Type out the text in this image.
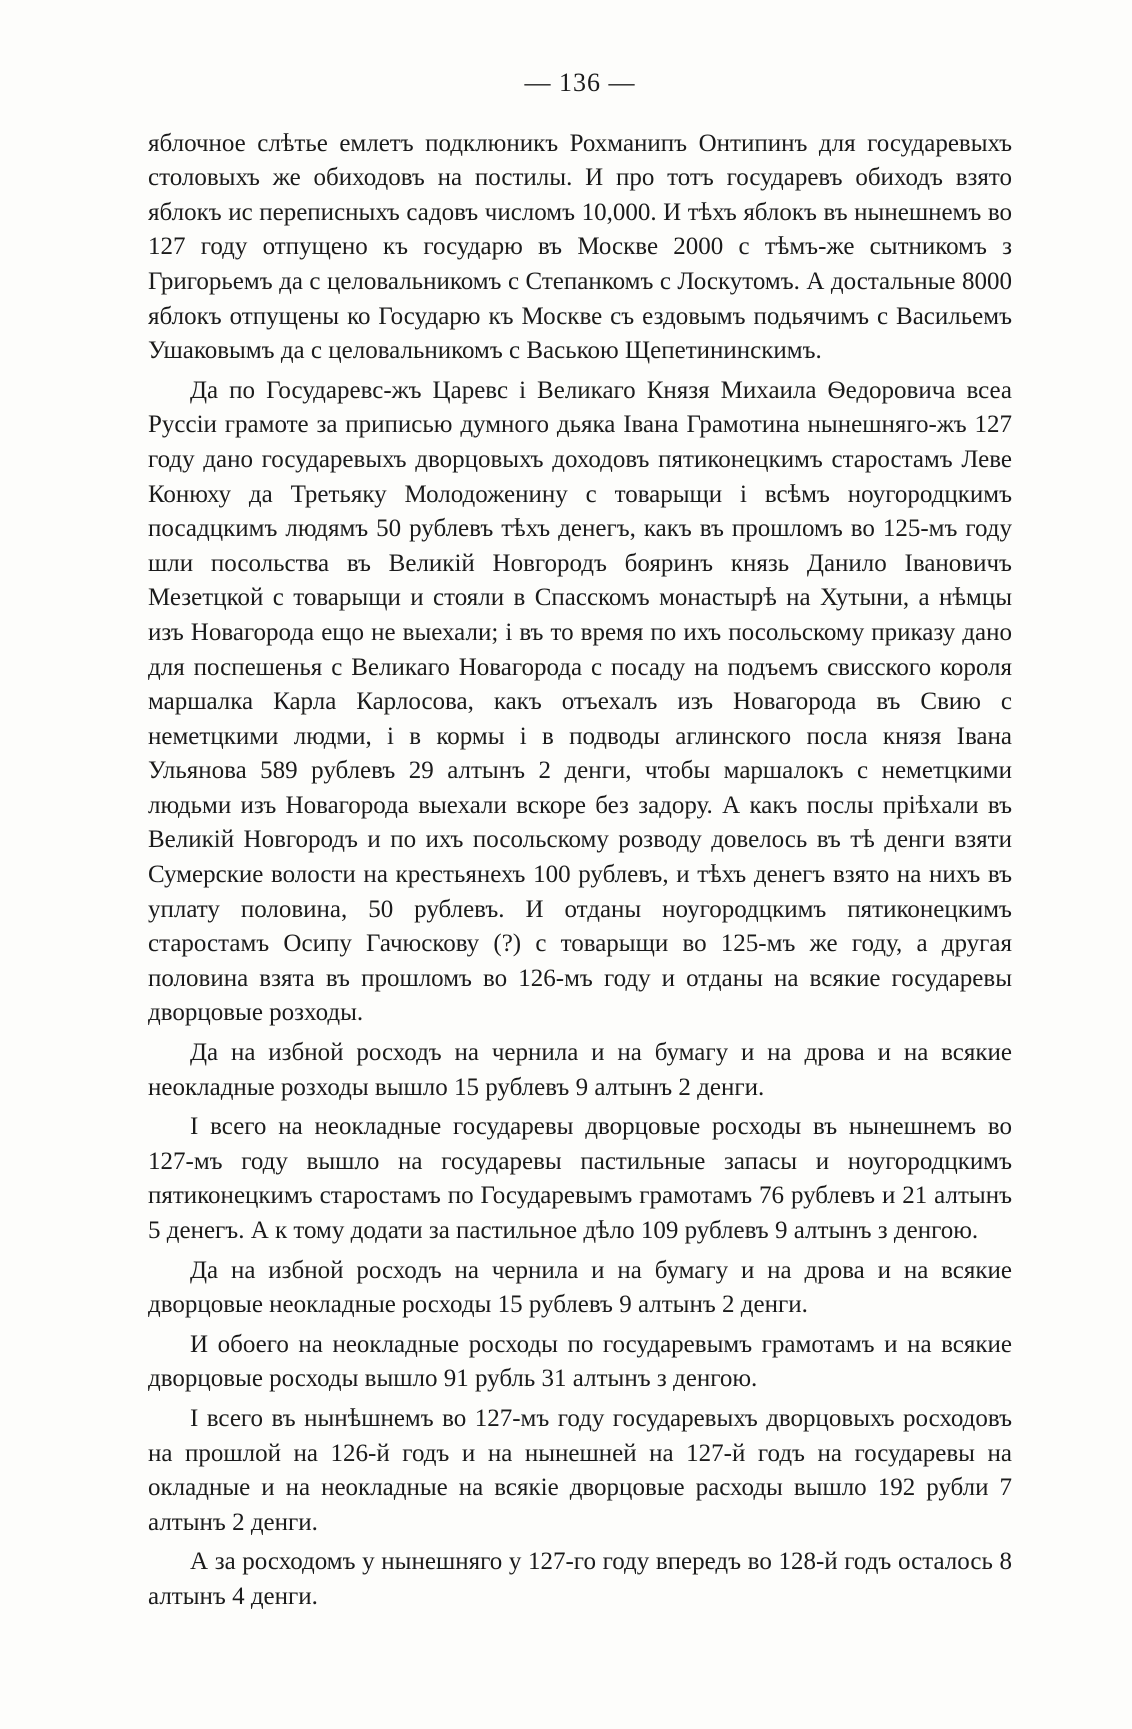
— 136 —

яблочное слѣтье емлетъ подклюникъ Рохманипъ Онтипинъ для государевыхъ столовыхъ же обиходовъ на постилы. И про тотъ государевъ обиходъ взято яблокъ ис переписныхъ садовъ числомъ 10,000. И тѣхъ яблокъ въ нынешнемъ во 127 году отпущено къ государю въ Москве 2000 с тѣмъ-же сытникомъ з Григорьемъ да с целовальникомъ с Степанкомъ с Лоскутомъ. А достальные 8000 яблокъ отпущены ко Государю къ Москве съ ездовымъ подьячимъ с Васильемъ Ушаковымъ да с целовальникомъ с Ваською Щепетининскимъ.

Да по Государевс-жъ Царевс і Великаго Князя Михаила Ѳедоровича всеа Руссіи грамоте за приписью думного дьяка Івана Грамотина нынешняго-жъ 127 году дано государевыхъ дворцовыхъ доходовъ пятиконецкимъ старостамъ Леве Конюху да Третьяку Молодоженину с товарыщи і всѣмъ ноугородцкимъ посадцкимъ людямъ 50 рублевъ тѣхъ денегъ, какъ въ прошломъ во 125-мъ году шли посольства въ Великій Новгородъ бояринъ князь Данило Івановичъ Мезетцкой с товарыщи и стояли в Спасскомъ монастырѣ на Хутыни, а нѣмцы изъ Новагорода ещо не выехали; і въ то время по ихъ посольскому приказу дано для поспешенья с Великаго Новагорода с посаду на подъемъ свисского короля маршалка Карла Карлосова, какъ отъехалъ изъ Новагорода въ Свию с неметцкими людми, і в кормы і в подводы аглинского посла князя Івана Ульянова 589 рублевъ 29 алтынъ 2 денги, чтобы маршалокъ с неметцкими людьми изъ Новагорода выехали вскоре без задору. А какъ послы пріѣхали въ Великій Новгородъ и по ихъ посольскому розводу довелось въ тѣ денги взяти Сумерские волости на крестьянехъ 100 рублевъ, и тѣхъ денегъ взято на нихъ въ уплату половина, 50 рублевъ. И отданы ноугородцкимъ пятиконецкимъ старостамъ Осипу Гачюскову (?) с товарыщи во 125-мъ же году, а другая половина взята въ прошломъ во 126-мъ году и отданы на всякие государевы дворцовые розходы.

Да на избной росходъ на чернила и на бумагу и на дрова и на всякие неокладные розходы вышло 15 рублевъ 9 алтынъ 2 денги.

І всего на неокладные государевы дворцовые росходы въ нынешнемъ во 127-мъ году вышло на государевы пастильные запасы и ноугородцкимъ пятиконецкимъ старостамъ по Государевымъ грамотамъ 76 рублевъ и 21 алтынъ 5 денегъ. А к тому додати за пастильное дѣло 109 рублевъ 9 алтынъ з денгою.

Да на избной росходъ на чернила и на бумагу и на дрова и на всякие дворцовые неокладные росходы 15 рублевъ 9 алтынъ 2 денги.

И обоего на неокладные росходы по государевымъ грамотамъ и на всякие дворцовые росходы вышло 91 рубль 31 алтынъ з денгою.

І всего въ нынѣшнемъ во 127-мъ году государевыхъ дворцовыхъ росходовъ на прошлой на 126-й годъ и на нынешней на 127-й годъ на государевы на окладные и на неокладные на всякіе дворцовые расходы вышло 192 рубли 7 алтынъ 2 денги.

А за росходомъ у нынешняго у 127-го году впередъ во 128-й годъ осталось 8 алтынъ 4 денги.
